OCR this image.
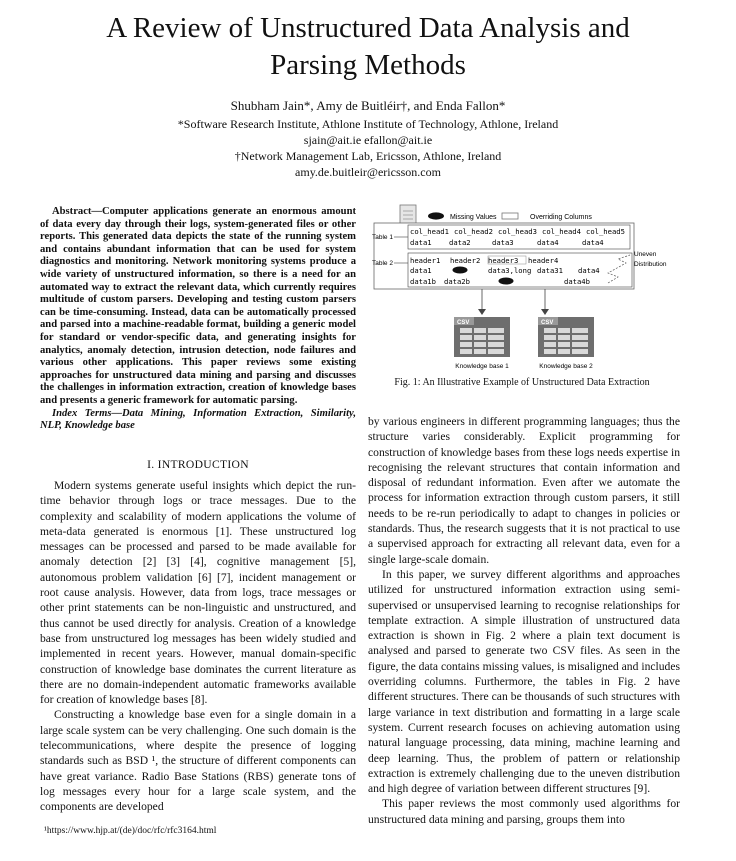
A Review of Unstructured Data Analysis and
Parsing Methods
Shubham Jain*, Amy de Buitléir†, and Enda Fallon*
*Software Research Institute, Athlone Institute of Technology, Athlone, Ireland
sjain@ait.ie efallon@ait.ie
†Network Management Lab, Ericsson, Athlone, Ireland
amy.de.buitleir@ericsson.com

Abstract—Computer applications generate an enormous amount of data every day through their logs, system-generated files or other reports. This generated data depicts the state of the running system and contains abundant information that can be used for system diagnostics and monitoring. Network monitoring systems produce a wide variety of unstructured information, so there is a need for an automated way to extract the relevant data, which currently requires multitude of custom parsers. Developing and testing custom parsers can be time-consuming. Instead, data can be automatically processed and parsed into a machine-readable format, building a generic model for standard or vendor-specific data, and generating insights for analytics, anomaly detection, intrusion detection, node failures and various other applications. This paper reviews some existing approaches for unstructured data mining and parsing and discusses the challenges in information extraction, creation of knowledge bases and presents a generic framework for automatic parsing.

Index Terms—Data Mining, Information Extraction, Similarity, NLP, Knowledge base

I. INTRODUCTION

Modern systems generate useful insights which depict the run-time behavior through logs or trace messages. Due to the complexity and scalability of modern applications the volume of meta-data generated is enormous [1]. These unstructured log messages can be processed and parsed to be made available for anomaly detection [2] [3] [4], cognitive management [5], autonomous problem validation [6] [7], incident management or root cause analysis. However, data from logs, trace messages or other print statements can be non-linguistic and unstructured, and thus cannot be used directly for analysis. Creation of a knowledge base from unstructured log messages has been widely studied and implemented in recent years. However, manual domain-specific construction of knowledge base dominates the current literature as there are no domain-independent automatic frameworks available for creation of knowledge bases [8].

Constructing a knowledge base even for a single domain in a large scale system can be very challenging. One such domain is the telecommunications, where despite the presence of logging standards such as BSD ¹, the structure of different components can have great variance. Radio Base Stations (RBS) generate tons of log messages every hour for a large scale system, and the components are developed

¹https://www.hjp.at/(de)/doc/rfc/rfc3164.html
Missing Values	Overriding Columns
Table 1
Table 2
col_head1 col_head2 col_head3 col_head4 col_head5
data1 data2	data3	data4	data4
header1 header2 header3 header4
data1	data3,long data31 data4
data1b data2b	data4b
Uneven
Distribution
CSV
Knowledge base 1
CSV
Knowledge base 2
Fig. 1: An Illustrative Example of Unstructured Data Extraction

by various engineers in different programming languages; thus the structure varies considerably. Explicit programming for construction of knowledge bases from these logs needs expertise in recognising the relevant structures that contain information and disposal of redundant information. Even after we automate the process for information extraction through custom parsers, it still needs to be re-run periodically to adapt to changes in policies or standards. Thus, the research suggests that it is not practical to use a supervised approach for extracting all relevant data, even for a single large-scale domain.

In this paper, we survey different algorithms and approaches utilized for unstructured information extraction using semi-supervised or unsupervised learning to recognise relationships for template extraction. A simple illustration of unstructured data extraction is shown in Fig. 2 where a plain text document is analysed and parsed to generate two CSV files. As seen in the figure, the data contains missing values, is misaligned and includes overriding columns. Furthermore, the tables in Fig. 2 have different structures. There can be thousands of such structures with large variance in text distribution and formatting in a large scale system. Current research focuses on achieving automation using natural language processing, data mining, machine learning and deep learning. Thus, the problem of pattern or relationship extraction is extremely challenging due to the uneven distribution and high degree of variation between different structures [9].

This paper reviews the most commonly used algorithms for unstructured data mining and parsing, groups them into
